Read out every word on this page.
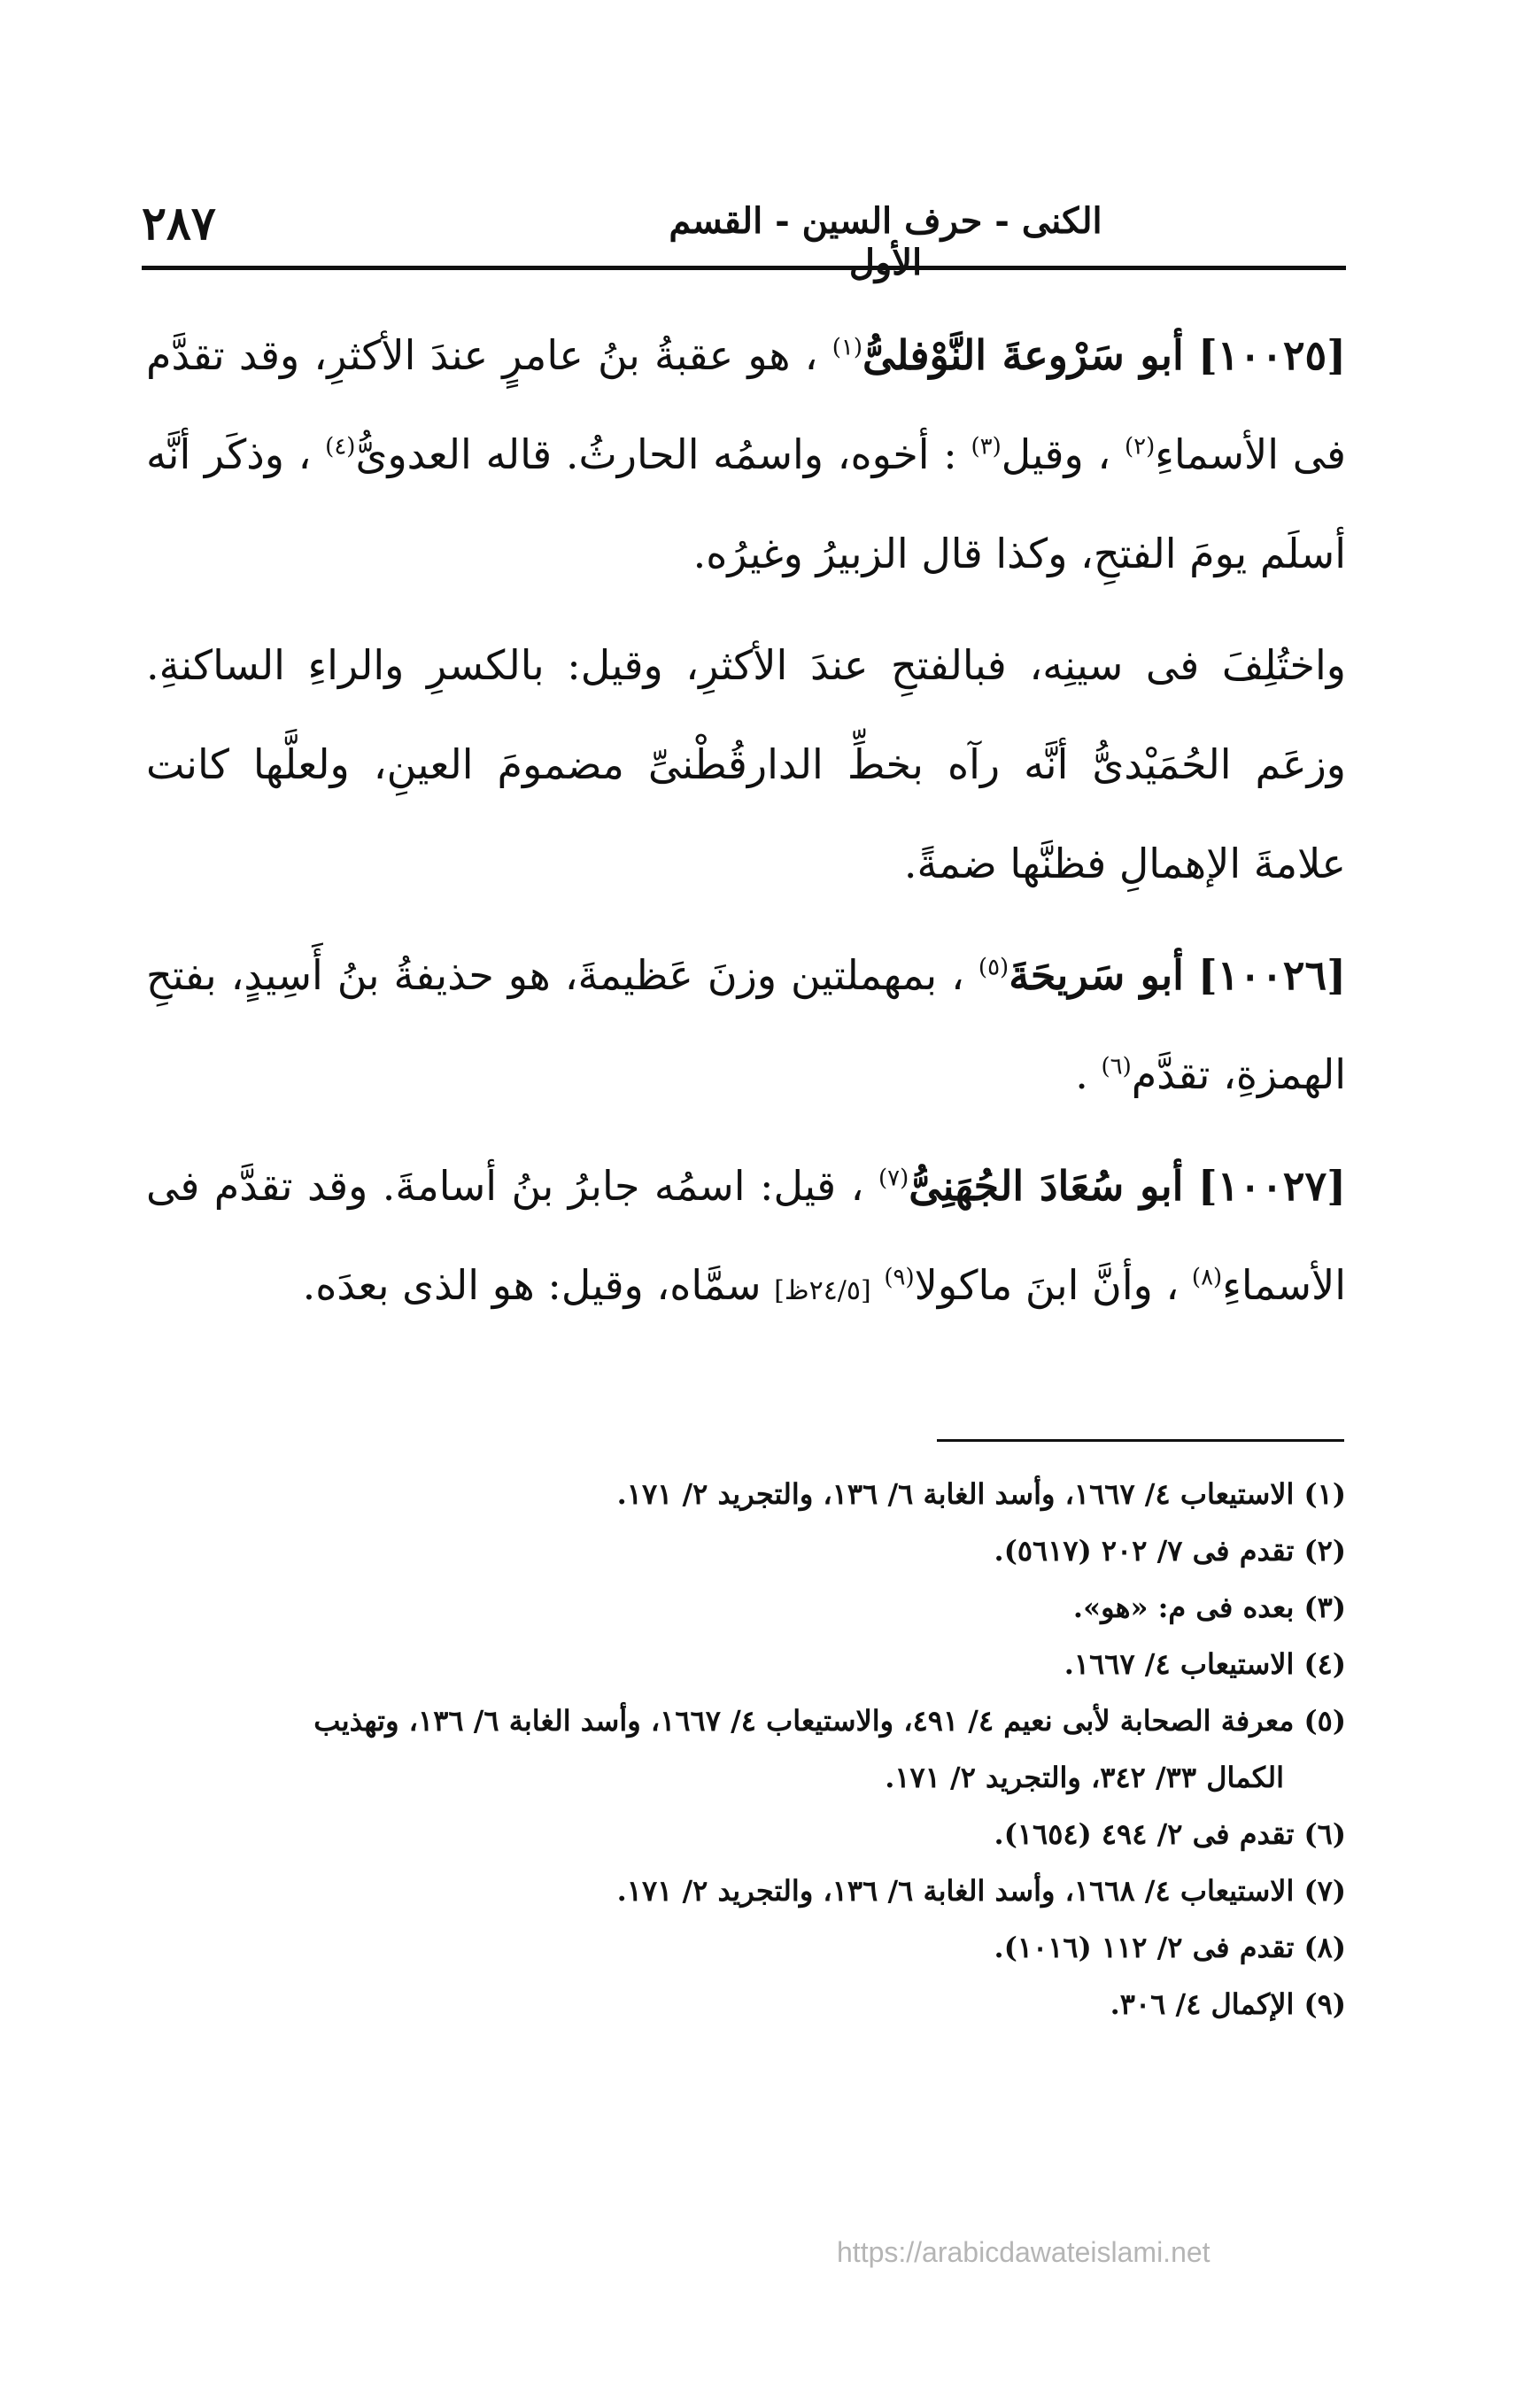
٢٨٧	الكنى - حرف السين - القسم الأول

[١٠٠٢٥] أبو سَرْوعةَ النَّوْفلىُّ$^{(١)}$ ، هو عقبةُ بنُ عامرٍ عندَ الأكثرِ، وقد تقدَّم فى الأسماءِ$^{(٢)}$ ، وقيل$^{(٣)}$ : أخوه، واسمُه الحارثُ. قاله العدوىُّ$^{(٤)}$ ، وذكَر أنَّه أسلَم يومَ الفتحِ، وكذا قال الزبيرُ وغيرُه.

واختُلِفَ فى سينِه، فبالفتحِ عندَ الأكثرِ، وقيل: بالكسرِ والراءِ الساكنةِ. وزعَم الحُمَيْدىُّ أنَّه رآه بخطِّ الدارقُطْنىِّ مضمومَ العينِ، ولعلَّها كانت علامةَ الإهمالِ فظنَّها ضمةً.

[١٠٠٢٦] أبو سَريحَةَ$^{(٥)}$ ، بمهملتين وزنَ عَظيمةَ، هو حذيفةُ بنُ أَسِيدٍ، بفتحِ الهمزةِ، تقدَّم$^{(٦)}$ .

[١٠٠٢٧] أبو سُعَادَ الجُهَنِىُّ$^{(٧)}$ ، قيل: اسمُه جابرُ بنُ أسامةَ. وقد تقدَّم فى الأسماءِ$^{(٨)}$ ، وأنَّ ابنَ ماكولا$^{(٩)}$ [٢٤/٥ظ] سمَّاه، وقيل: هو الذى بعدَه.

(١) الاستيعاب ٤/ ١٦٦٧، وأسد الغابة ٦/ ١٣٦، والتجريد ٢/ ١٧١.

(٢) تقدم فى ٧/ ٢٠٢ (٥٦١٧).

(٣) بعده فى م: «هو».

(٤) الاستيعاب ٤/ ١٦٦٧.

(٥) معرفة الصحابة لأبى نعيم ٤/ ٤٩١، والاستيعاب ٤/ ١٦٦٧، وأسد الغابة ٦/ ١٣٦، وتهذيب

الكمال ٣٣/ ٣٤٢، والتجريد ٢/ ١٧١.

(٦) تقدم فى ٢/ ٤٩٤ (١٦٥٤).

(٧) الاستيعاب ٤/ ١٦٦٨، وأسد الغابة ٦/ ١٣٦، والتجريد ٢/ ١٧١.

(٨) تقدم فى ٢/ ١١٢ (١٠١٦).

(٩) الإكمال ٤/ ٣٠٦.

https://arabicdawateislami.net
